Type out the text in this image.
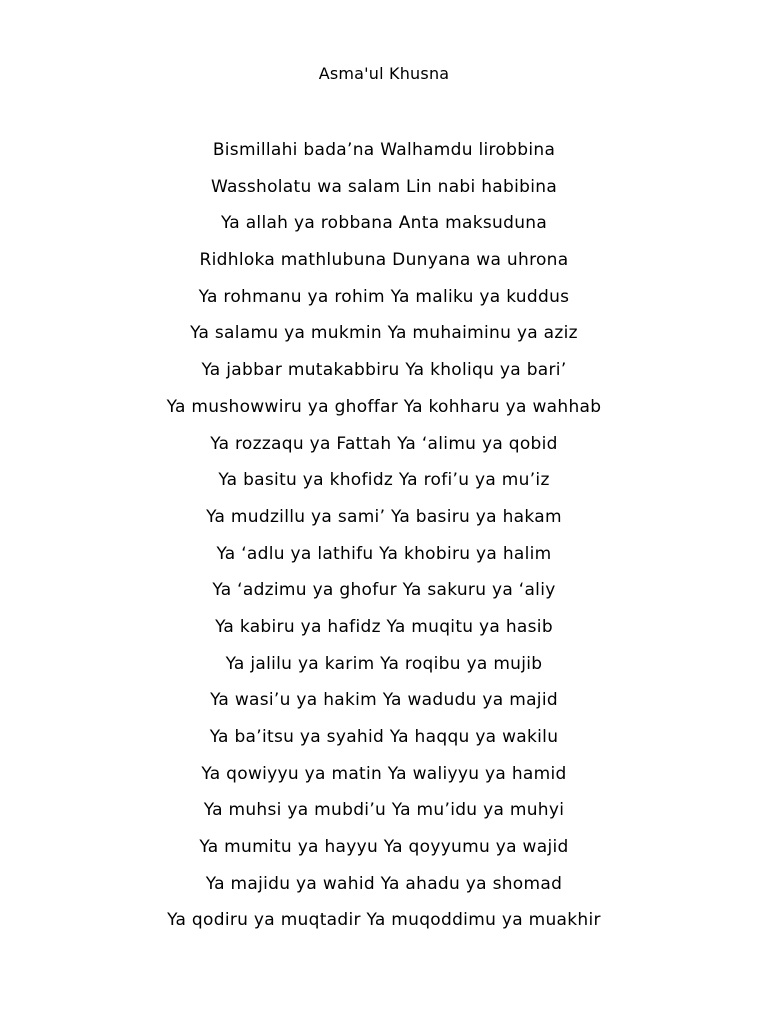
Asma'ul Khusna
Bismillahi bada’na Walhamdu lirobbina
Wassholatu wa salam Lin nabi habibina
Ya allah ya robbana Anta maksuduna
Ridhloka mathlubuna Dunyana wa uhrona
Ya rohmanu ya rohim Ya maliku ya kuddus
Ya salamu ya mukmin Ya muhaiminu ya aziz
Ya jabbar mutakabbiru Ya kholiqu ya bari’
Ya mushowwiru ya ghoffar Ya kohharu ya wahhab
Ya rozzaqu ya Fattah Ya ‘alimu ya qobid
Ya basitu ya khofidz Ya rofi’u ya mu’iz
Ya mudzillu ya sami’ Ya basiru ya hakam
Ya ‘adlu ya lathifu Ya khobiru ya halim
Ya ‘adzimu ya ghofur Ya sakuru ya ‘aliy
Ya kabiru ya hafidz Ya muqitu ya hasib
Ya jalilu ya karim Ya roqibu ya mujib
Ya wasi’u ya hakim Ya wadudu ya majid
Ya ba’itsu ya syahid Ya haqqu ya wakilu
Ya qowiyyu ya matin Ya waliyyu ya hamid
Ya muhsi ya mubdi’u Ya mu’idu ya muhyi
Ya mumitu ya hayyu Ya qoyyumu ya wajid
Ya majidu ya wahid Ya ahadu ya shomad
Ya qodiru ya muqtadir Ya muqoddimu ya muakhir
